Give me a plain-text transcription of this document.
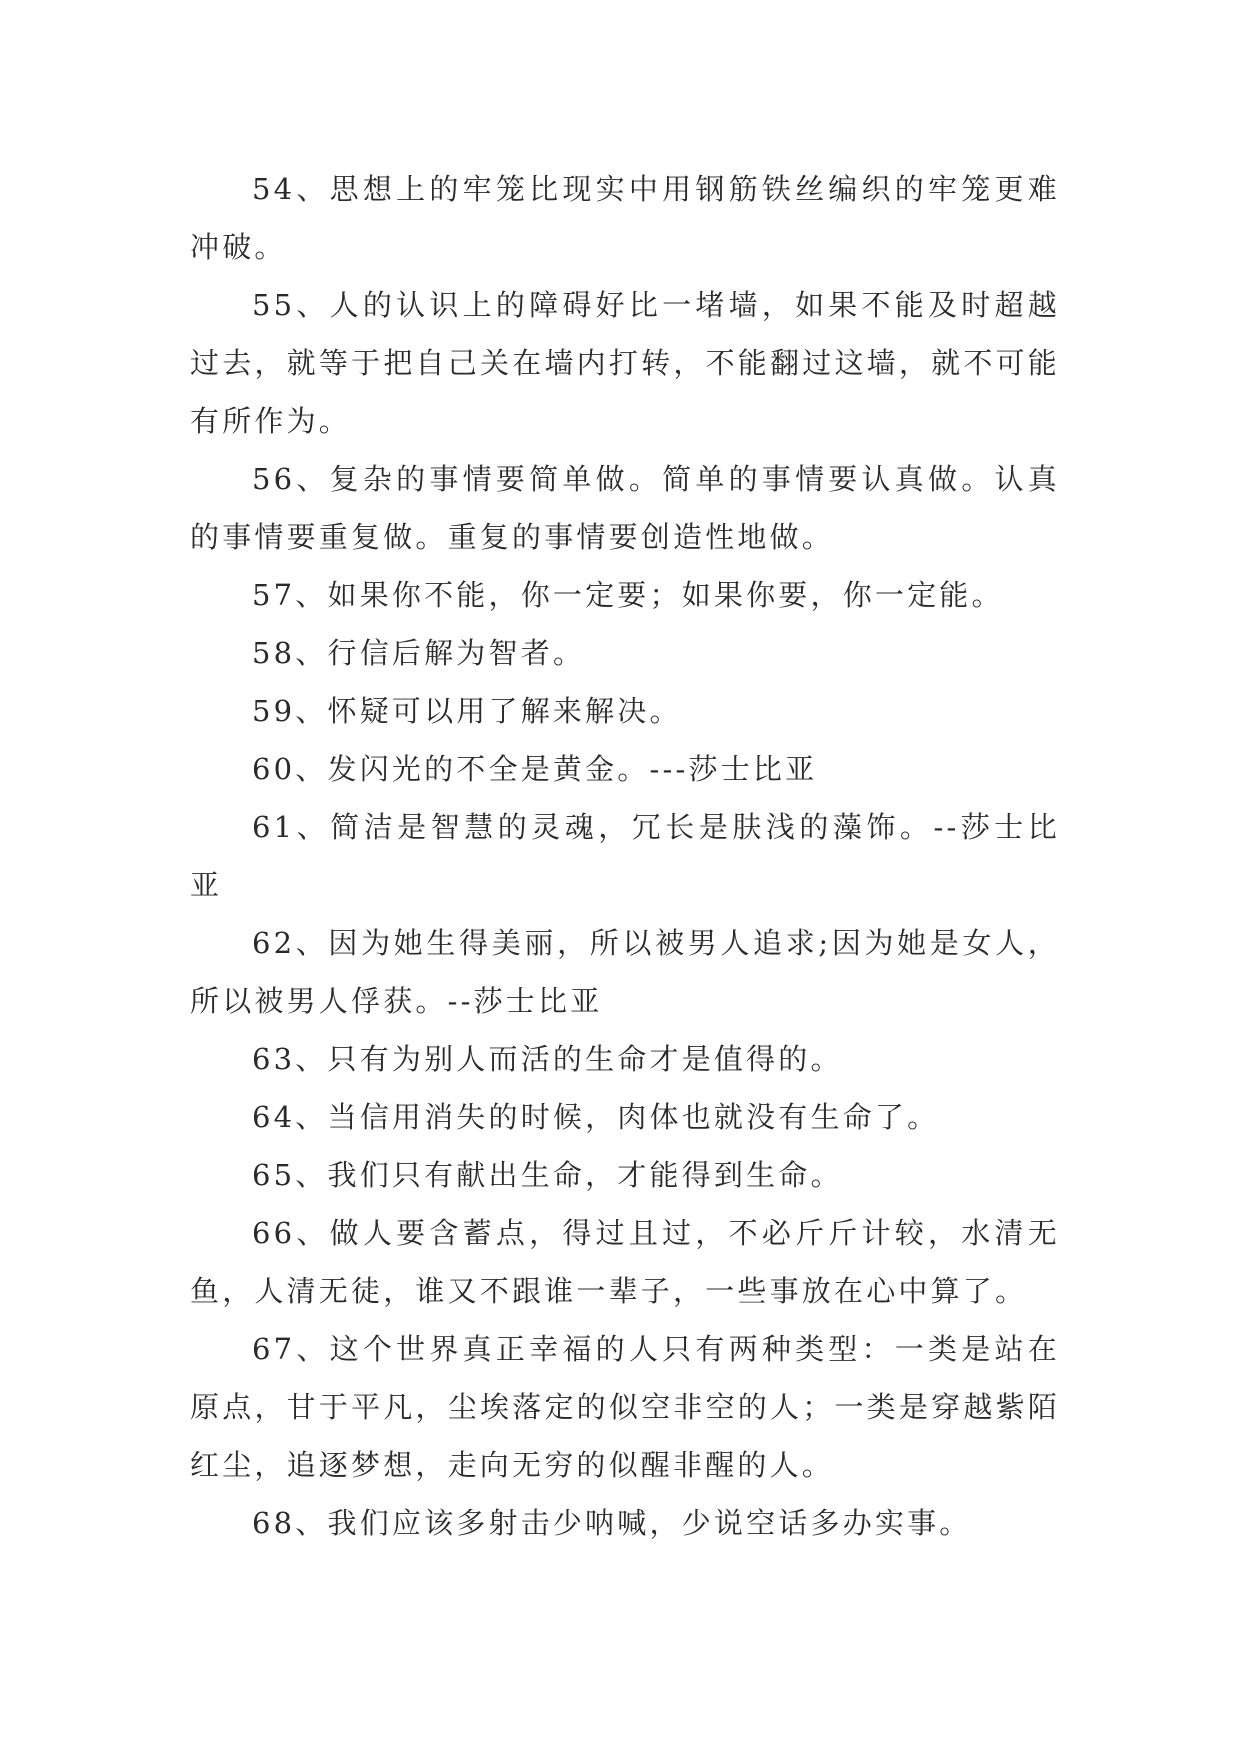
54、思想上的牢笼比现实中用钢筋铁丝编织的牢笼更难冲破。

55、人的认识上的障碍好比一堵墙，如果不能及时超越过去，就等于把自己关在墙内打转，不能翻过这墙，就不可能有所作为。

56、复杂的事情要简单做。简单的事情要认真做。认真的事情要重复做。重复的事情要创造性地做。

57、如果你不能，你一定要；如果你要，你一定能。

58、行信后解为智者。

59、怀疑可以用了解来解决。

60、发闪光的不全是黄金。---莎士比亚

61、简洁是智慧的灵魂，冗长是肤浅的藻饰。--莎士比亚

62、因为她生得美丽，所以被男人追求;因为她是女人，所以被男人俘获。--莎士比亚

63、只有为别人而活的生命才是值得的。

64、当信用消失的时候，肉体也就没有生命了。

65、我们只有献出生命，才能得到生命。

66、做人要含蓄点，得过且过，不必斤斤计较，水清无鱼，人清无徒，谁又不跟谁一辈子，一些事放在心中算了。

67、这个世界真正幸福的人只有两种类型：一类是站在原点，甘于平凡，尘埃落定的似空非空的人；一类是穿越紫陌红尘，追逐梦想，走向无穷的似醒非醒的人。

68、我们应该多射击少呐喊，少说空话多办实事。
